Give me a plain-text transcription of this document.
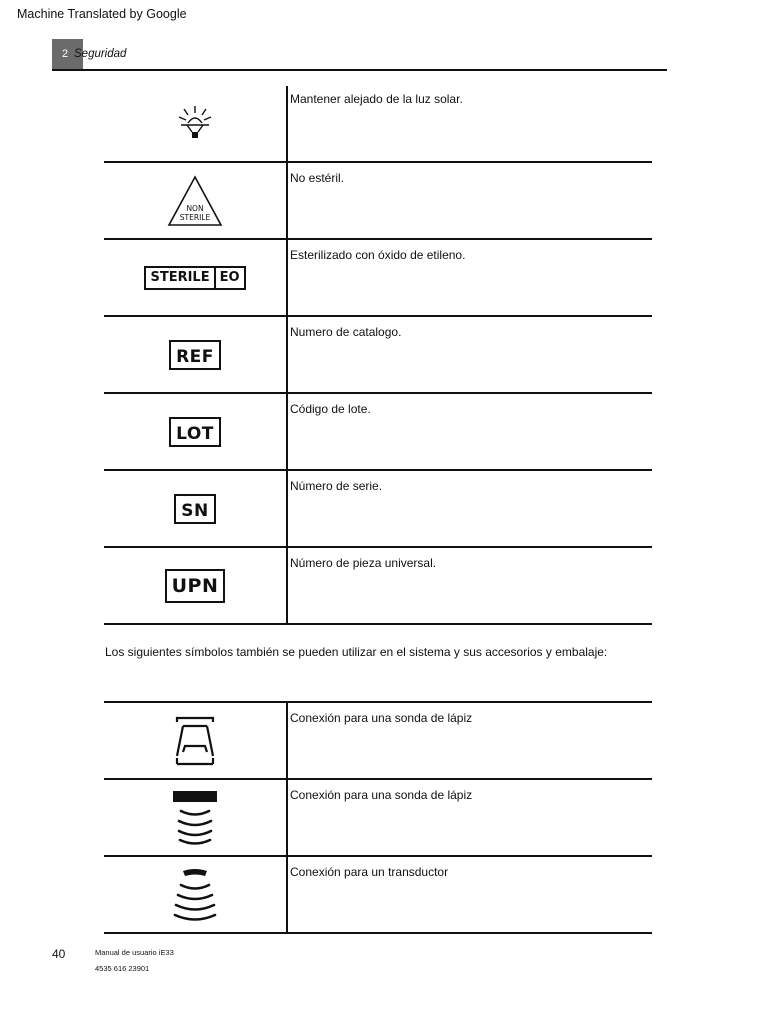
Machine Translated by Google
2 Seguridad
Mantener alejado de la luz solar.
NON
STERILE
No estéril.
STERILE EO
Esterilizado con óxido de etileno.
REF
Numero de catalogo.
LOT
Código de lote.
SN
Número de serie.
UPN
Número de pieza universal.
Los siguientes símbolos también se pueden utilizar en el sistema y sus accesorios y embalaje:
Conexión para una sonda de lápiz
Conexión para una sonda de lápiz
Conexión para un transductor
40	Manual de usuario iE33
4535 616 23901
